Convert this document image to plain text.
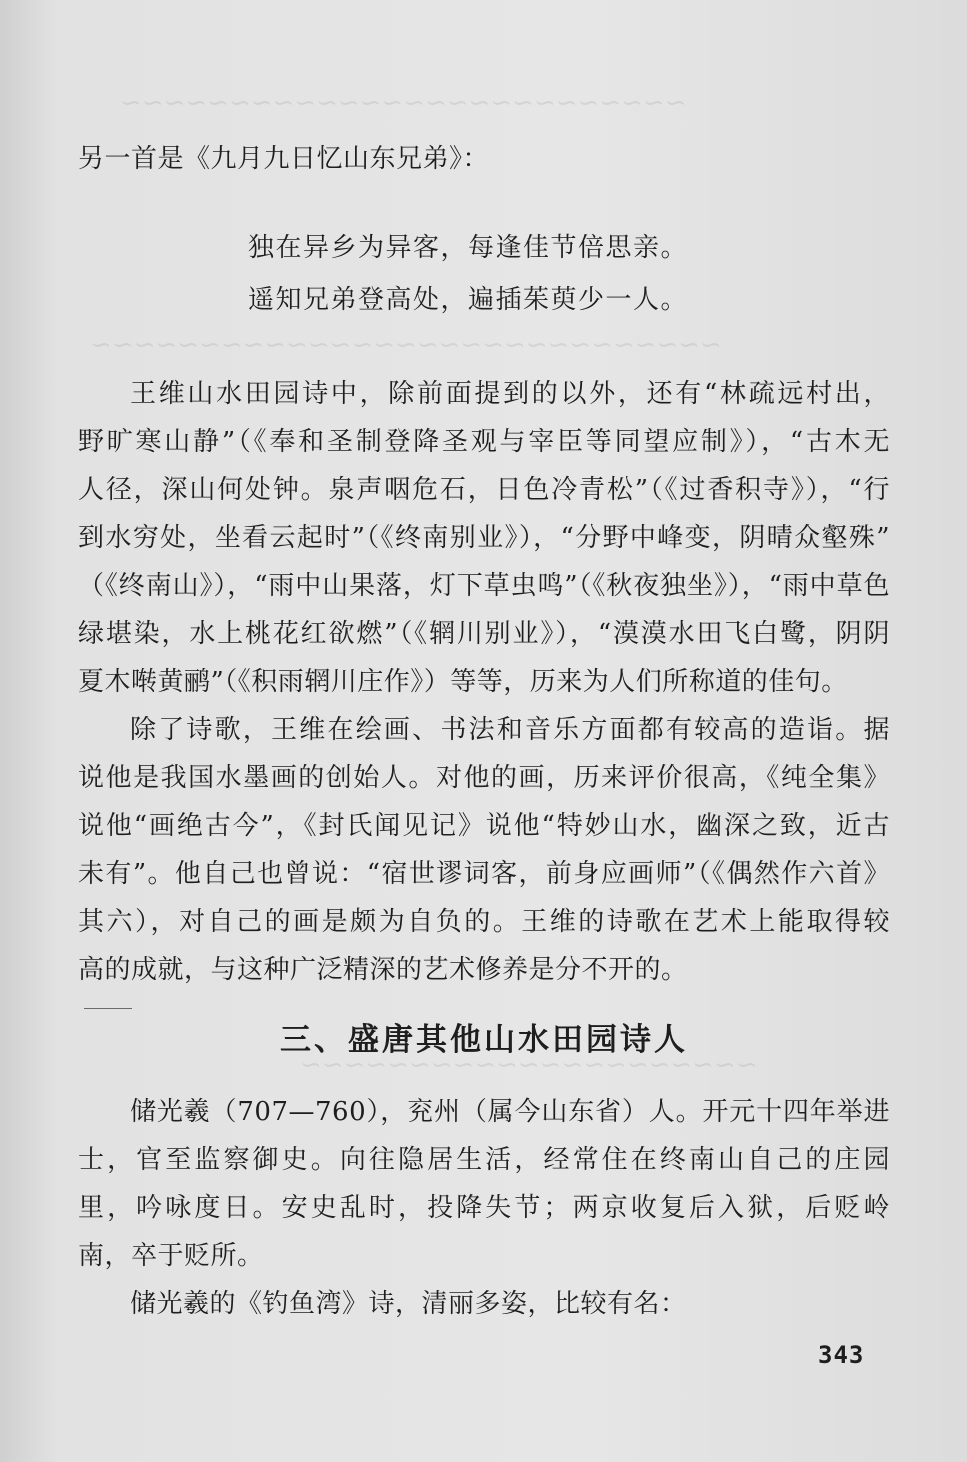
~~~~~~~~~~~~~~~~~~~~~~~~~~
~~~~~~~~~~~~~~~~~~~~~~~~~~~~~
~~~~~~~~~~~~~~~~~~~~~
另一首是《九月九日忆山东兄弟》：
独在异乡为异客，每逢佳节倍思亲。
遥知兄弟登高处，遍插茱萸少一人。
王维山水田园诗中，除前面提到的以外，还有“林疏远村出，
野旷寒山静”（《奉和圣制登降圣观与宰臣等同望应制》），“古木无
人径，深山何处钟。泉声咽危石，日色冷青松”（《过香积寺》），“行
到水穷处，坐看云起时”（《终南别业》），“分野中峰变，阴晴众壑殊”
（《终南山》），“雨中山果落，灯下草虫鸣”（《秋夜独坐》），“雨中草色
绿堪染，水上桃花红欲燃”（《辋川别业》），“漠漠水田飞白鹭，阴阴
夏木啭黄鹂”（《积雨辋川庄作》）等等，历来为人们所称道的佳句。
除了诗歌，王维在绘画、书法和音乐方面都有较高的造诣。据
说他是我国水墨画的创始人。对他的画，历来评价很高，《纯全集》
说他“画绝古今”，《封氏闻见记》说他“特妙山水，幽深之致，近古
未有”。他自己也曾说：“宿世谬词客，前身应画师”（《偶然作六首》
其六），对自己的画是颇为自负的。王维的诗歌在艺术上能取得较
高的成就，与这种广泛精深的艺术修养是分不开的。
三、盛唐其他山水田园诗人
储光羲（707—760），兖州（属今山东省）人。开元十四年举进
士，官至监察御史。向往隐居生活，经常住在终南山自己的庄园
里，吟咏度日。安史乱时，投降失节；两京收复后入狱，后贬岭
南，卒于贬所。
储光羲的《钓鱼湾》诗，清丽多姿，比较有名：
343
